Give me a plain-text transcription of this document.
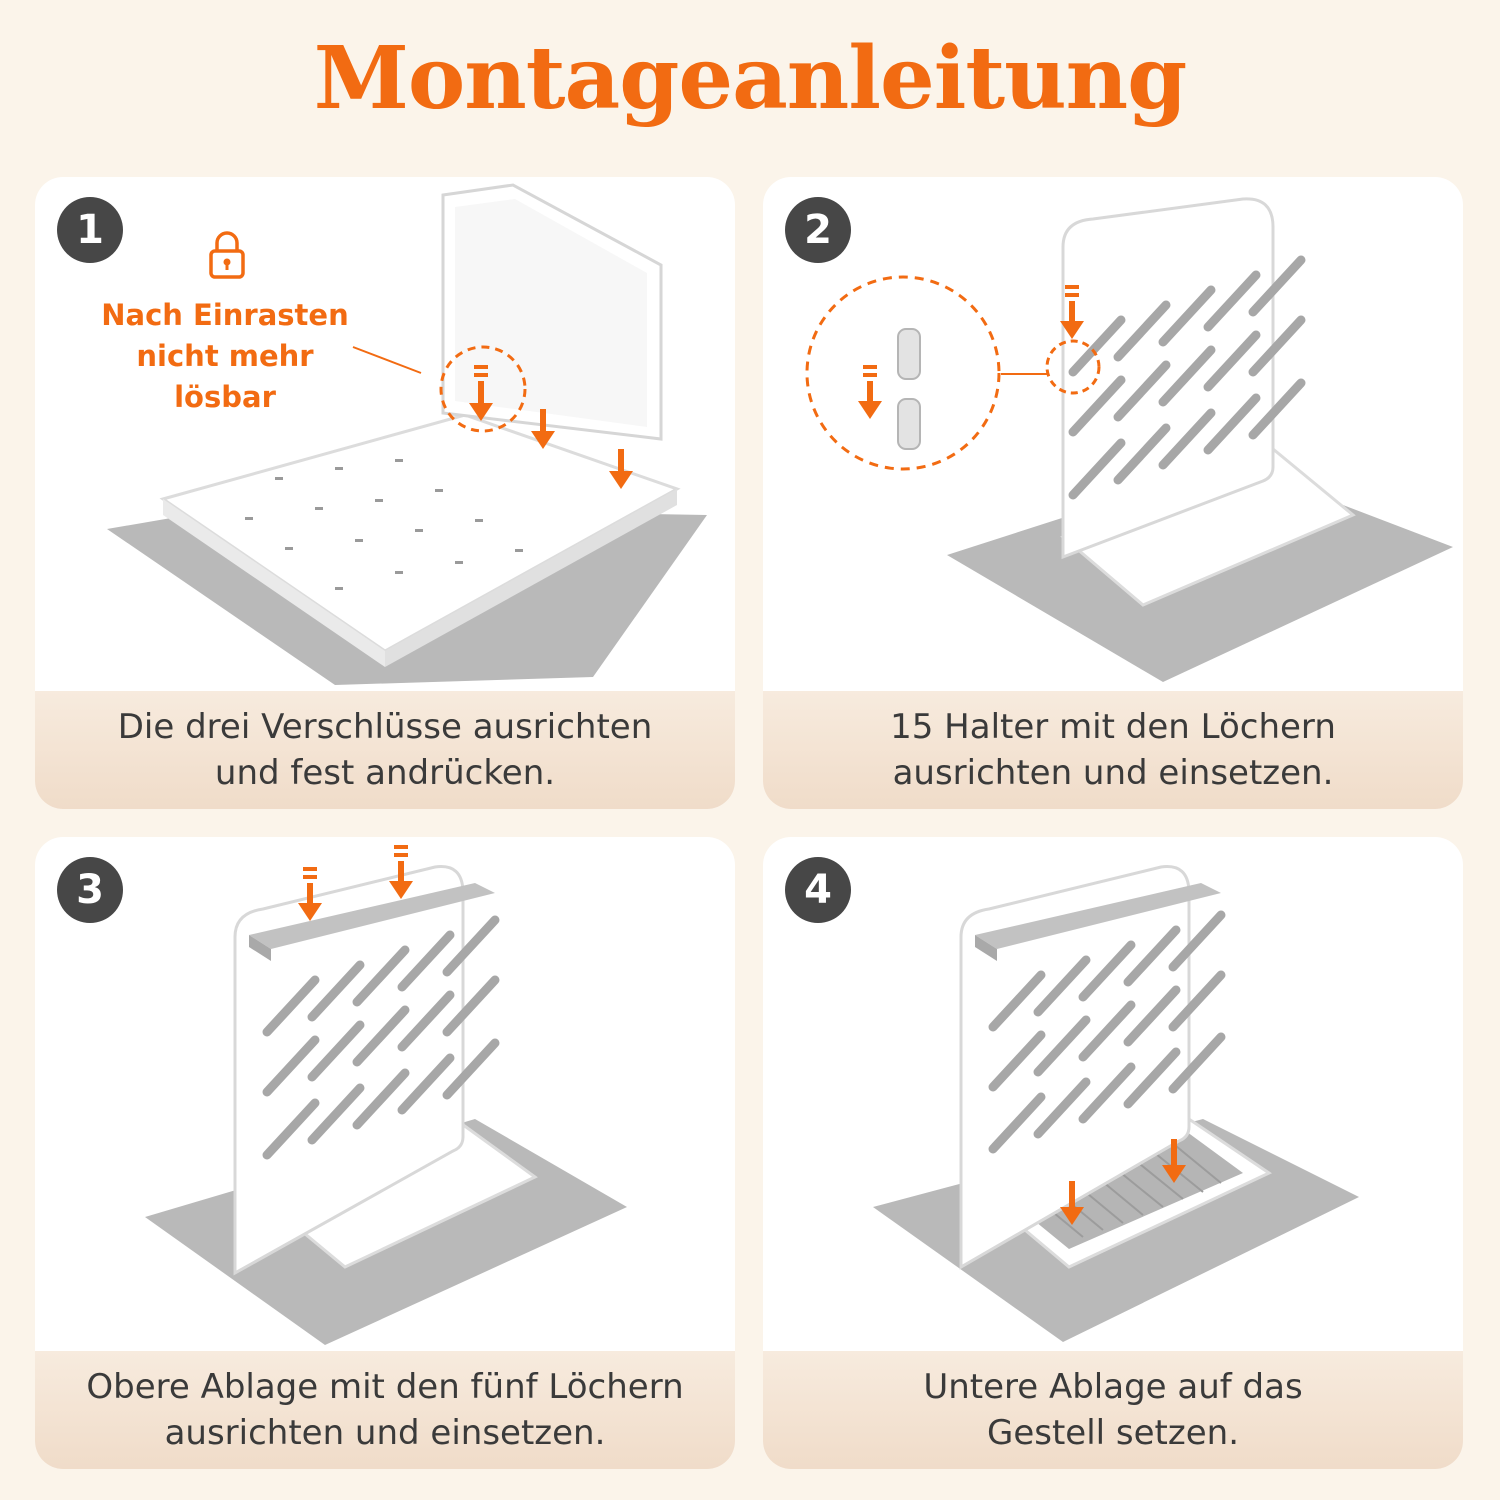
Montageanleitung
1
Nach Einrasten
nicht mehr
lösbar
Die drei Verschlüsse ausrichten
und fest andrücken.
2
15 Halter mit den Löchern
ausrichten und einsetzen.
3
Obere Ablage mit den fünf Löchern
ausrichten und einsetzen.
4
Untere Ablage auf das
Gestell setzen.
